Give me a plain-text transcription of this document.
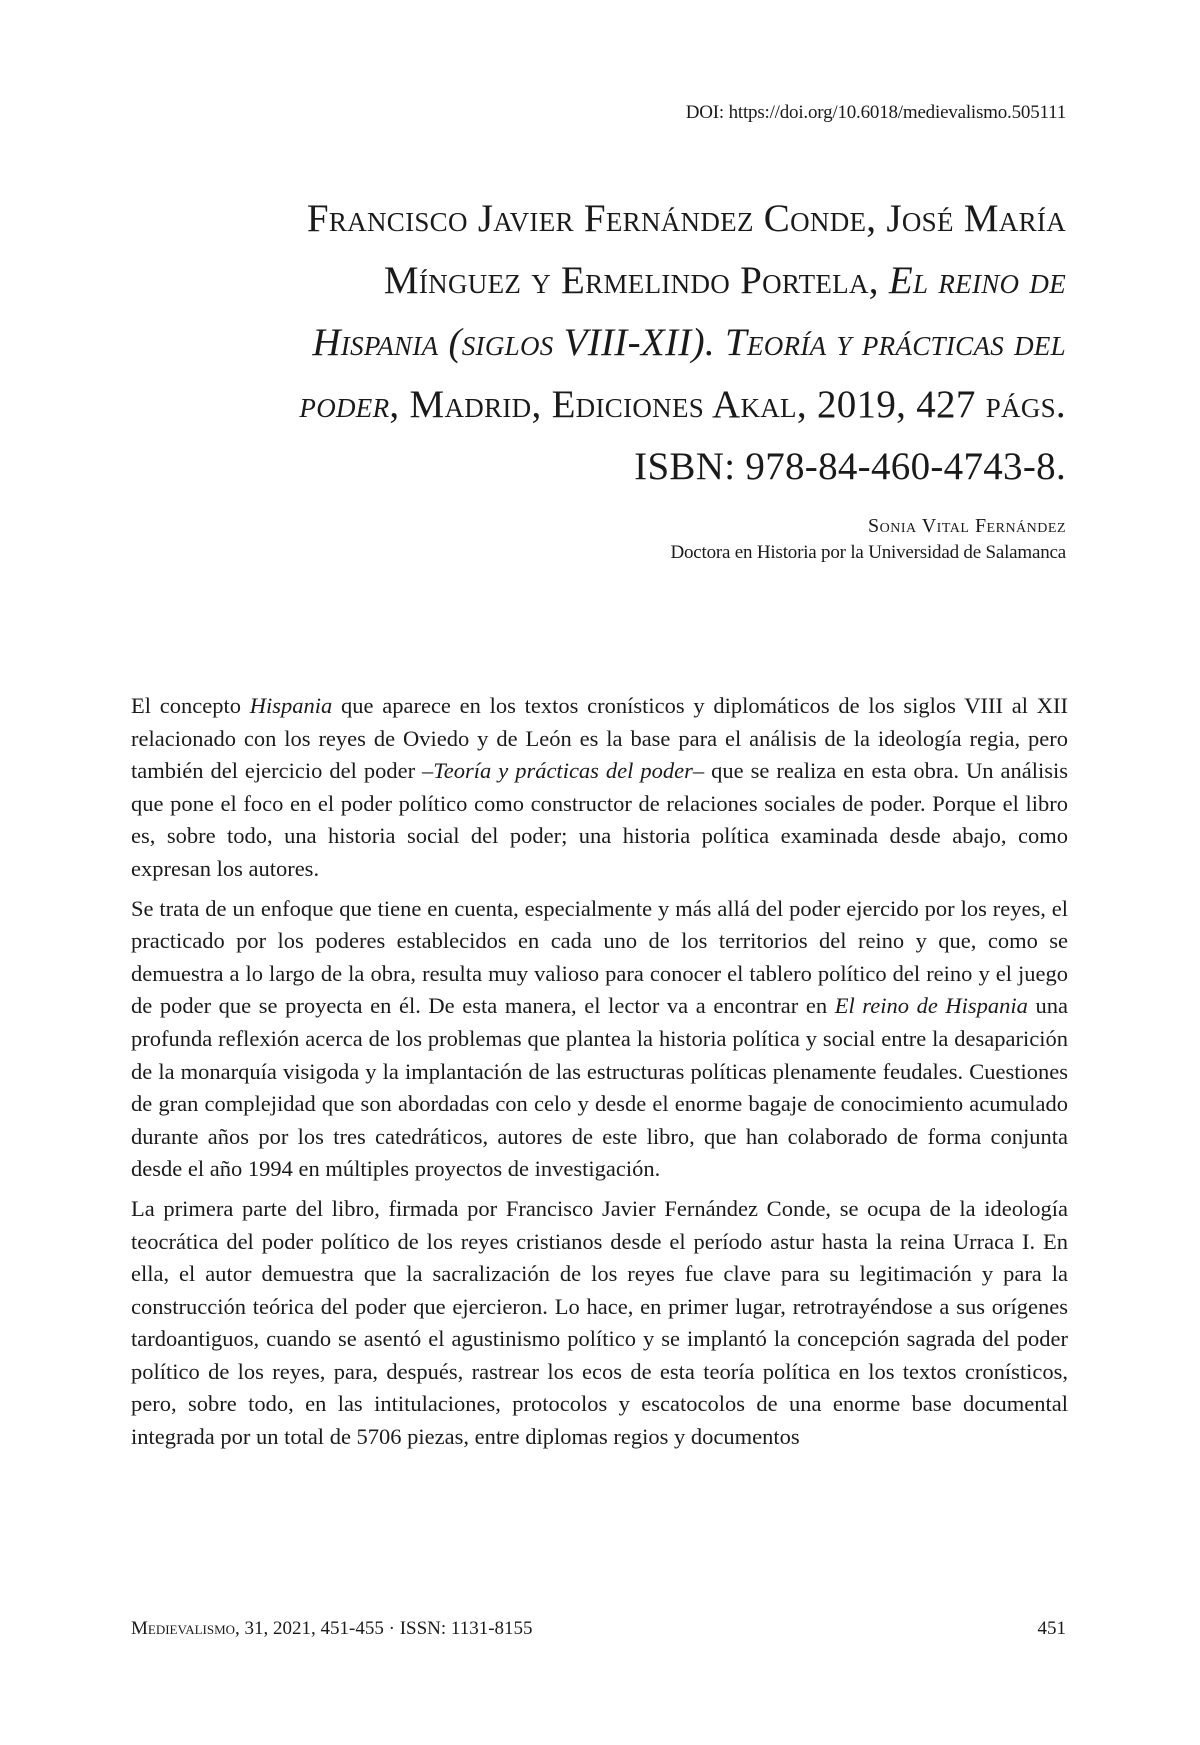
DOI: https://doi.org/10.6018/medievalismo.505111
Francisco Javier Fernández Conde, José María
Mínguez y Ermelindo Portela, El reino de
Hispania (siglos VIII-XII). Teoría y prácticas del
poder, Madrid, Ediciones Akal, 2019, 427 págs.
ISBN: 978-84-460-4743-8.
Sonia Vital Fernández
Doctora en Historia por la Universidad de Salamanca

El concepto Hispania que aparece en los textos cronísticos y diplomáticos de los siglos VIII al XII relacionado con los reyes de Oviedo y de León es la base para el análisis de la ideología regia, pero también del ejercicio del poder –Teoría y prácticas del poder– que se realiza en esta obra. Un análisis que pone el foco en el poder político como constructor de relaciones sociales de poder. Porque el libro es, sobre todo, una historia social del poder; una historia política examinada desde abajo, como expresan los autores.

Se trata de un enfoque que tiene en cuenta, especialmente y más allá del poder ejercido por los reyes, el practicado por los poderes establecidos en cada uno de los territorios del reino y que, como se demuestra a lo largo de la obra, resulta muy valioso para conocer el tablero político del reino y el juego de poder que se proyecta en él. De esta manera, el lector va a encontrar en El reino de Hispania una profunda reflexión acerca de los problemas que plantea la historia política y social entre la desaparición de la monarquía visigoda y la implantación de las estructuras políticas plenamente feudales. Cuestiones de gran complejidad que son abordadas con celo y desde el enorme bagaje de conocimiento acumulado durante años por los tres catedráticos, autores de este libro, que han colaborado de forma conjunta desde el año 1994 en múltiples proyectos de investigación.

La primera parte del libro, firmada por Francisco Javier Fernández Conde, se ocupa de la ideología teocrática del poder político de los reyes cristianos desde el período astur hasta la reina Urraca I. En ella, el autor demuestra que la sacralización de los reyes fue clave para su legitimación y para la construcción teórica del poder que ejercieron. Lo hace, en primer lugar, retrotrayéndose a sus orígenes tardoantiguos, cuando se asentó el agustinismo político y se implantó la concepción sagrada del poder político de los reyes, para, después, rastrear los ecos de esta teoría política en los textos cronísticos, pero, sobre todo, en las intitulaciones, protocolos y escatocolos de una enorme base documental integrada por un total de 5706 piezas, entre diplomas regios y documentos

Medievalismo, 31, 2021, 451-455 · ISSN: 1131-8155	451
